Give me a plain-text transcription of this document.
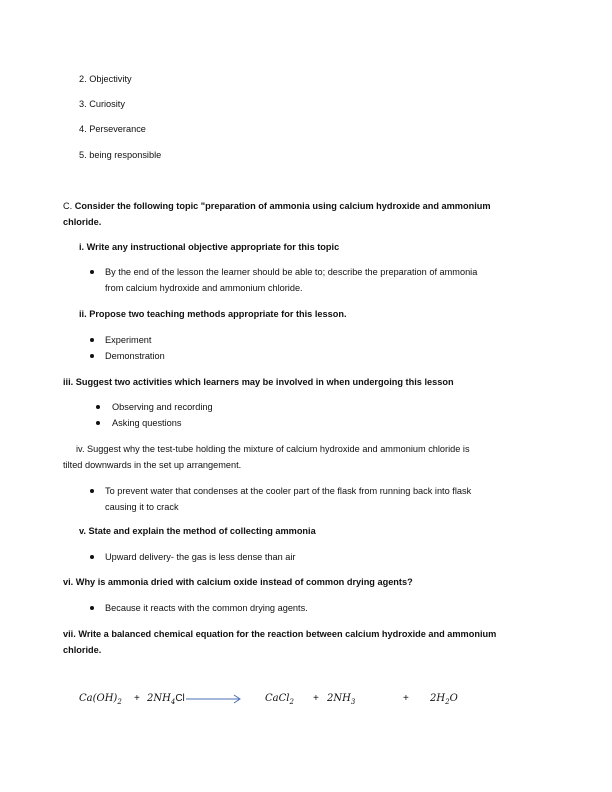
2. Objectivity
3. Curiosity
4. Perseverance
5. being responsible
C. Consider the following topic "preparation of ammonia using calcium hydroxide and ammonium
chloride.
i. Write any instructional objective appropriate for this topic
By the end of the lesson the learner should be able to; describe the preparation of ammonia
from calcium hydroxide and ammonium chloride.
ii. Propose two teaching methods appropriate for this lesson.
Experiment
Demonstration
iii. Suggest two activities which learners may be involved in when undergoing this lesson
Observing and recording
Asking questions
iv. Suggest why the test-tube holding the mixture of calcium hydroxide and ammonium chloride is
tilted downwards in the set up arrangement.
To prevent water that condenses at the cooler part of the flask from running back into flask
causing it to crack
v. State and explain the method of collecting ammonia
Upward delivery- the gas is less dense than air
vi. Why is ammonia dried with calcium oxide instead of common drying agents?
Because it reacts with the common drying agents.
vii. Write a balanced chemical equation for the reaction between calcium hydroxide and ammonium
chloride.
$Ca(OH)_2 + 2NH_4Cl$	CaCl$_2$ + $2NH_3$	+ $2H_2O$
